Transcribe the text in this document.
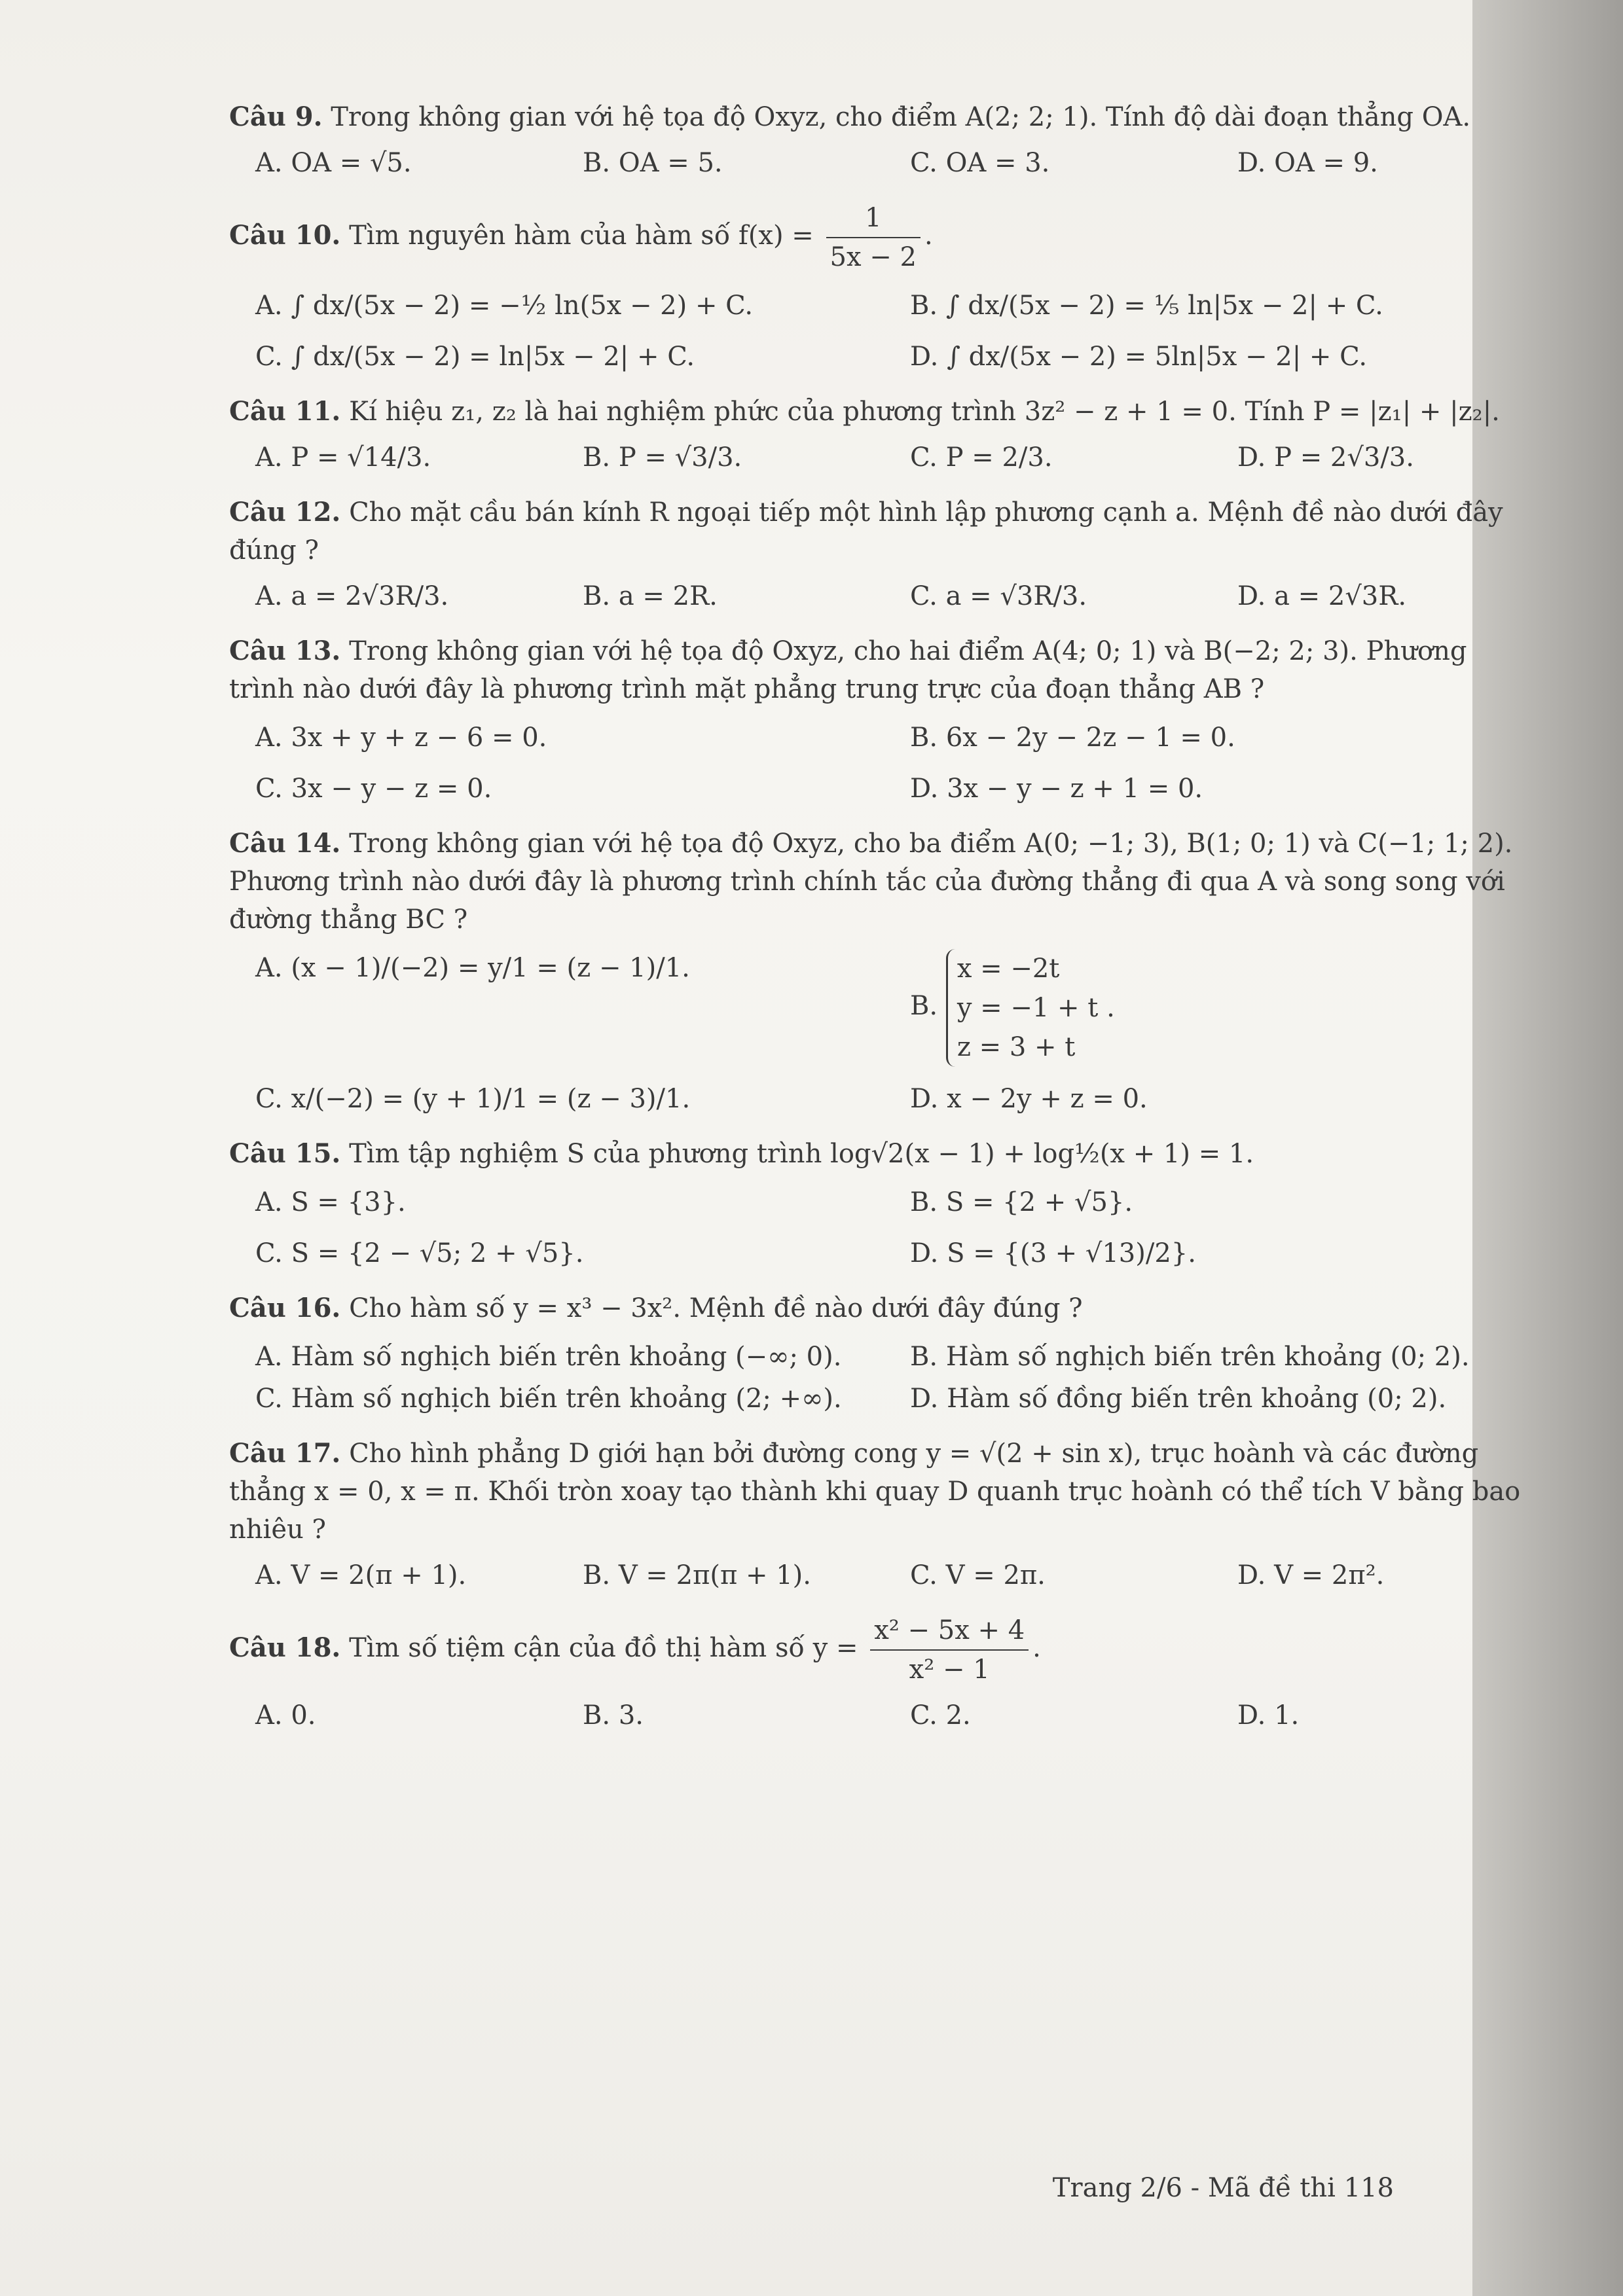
Câu 9. Trong không gian với hệ tọa độ Oxyz, cho điểm A(2; 2; 1). Tính độ dài đoạn thẳng OA.
A. OA = √5.	B. OA = 5.	C. OA = 3.	D. OA = 9.
Câu 10. Tìm nguyên hàm của hàm số $f(x) = \frac{1}{5x - 2}$ .
A. ∫ dx/(5x − 2) = −½ ln(5x − 2) + C.	B. ∫ dx/(5x − 2) = ⅕ ln|5x − 2| + C.
C. ∫ dx/(5x − 2) = ln|5x − 2| + C.	D. ∫ dx/(5x − 2) = 5ln|5x − 2| + C.
Câu 11. Kí hiệu z₁, z₂ là hai nghiệm phức của phương trình 3z² − z + 1 = 0. Tính P = |z₁| + |z₂|.
A. P = √14/3.	B. P = √3/3.	C. P = 2/3.	D. P = 2√3/3.
Câu 12. Cho mặt cầu bán kính R ngoại tiếp một hình lập phương cạnh a. Mệnh đề nào dưới đây đúng ?
A. a = 2√3R/3.	B. a = 2R.	C. a = √3R/3.	D. a = 2√3R.
Câu 13. Trong không gian với hệ tọa độ Oxyz, cho hai điểm A(4; 0; 1) và B(−2; 2; 3). Phương trình nào dưới đây là phương trình mặt phẳng trung trực của đoạn thẳng AB ?
A. 3x + y + z − 6 = 0.	B. 6x − 2y − 2z − 1 = 0.
C. 3x − y − z = 0.	D. 3x − y − z + 1 = 0.
Câu 14. Trong không gian với hệ tọa độ Oxyz, cho ba điểm A(0; −1; 3), B(1; 0; 1) và C(−1; 1; 2). Phương trình nào dưới đây là phương trình chính tắc của đường thẳng đi qua A và song song với đường thẳng BC ?
A. (x − 1)/(−2) = y/1 = (z − 1)/1.
B. x = −2t
y = −1 + t .
z = 3 + t
C. x/(−2) = (y + 1)/1 = (z − 3)/1.	D. x − 2y + z = 0.
Câu 15. Tìm tập nghiệm S của phương trình log√2(x − 1) + log½(x + 1) = 1.
A. S = {3}.	B. S = {2 + √5}.
C. S = {2 − √5; 2 + √5}.	D. S = {(3 + √13)/2}.
Câu 16. Cho hàm số y = x³ − 3x². Mệnh đề nào dưới đây đúng ?
A. Hàm số nghịch biến trên khoảng (−∞; 0).	B. Hàm số nghịch biến trên khoảng (0; 2).
C. Hàm số nghịch biến trên khoảng (2; +∞).	D. Hàm số đồng biến trên khoảng (0; 2).
Câu 17. Cho hình phẳng D giới hạn bởi đường cong y = √(2 + sin x), trục hoành và các đường thẳng x = 0, x = π. Khối tròn xoay tạo thành khi quay D quanh trục hoành có thể tích V bằng bao nhiêu ?
A. V = 2(π + 1).	B. V = 2π(π + 1).	C. V = 2π.	D. V = 2π².
Câu 18. Tìm số tiệm cận của đồ thị hàm số $y = \frac{\text{x² − 5x + 4}}{\text{x² − 1}}$ .
A. 0.	B. 3.	C. 2.	D. 1.
Trang 2/6 - Mã đề thi 118
